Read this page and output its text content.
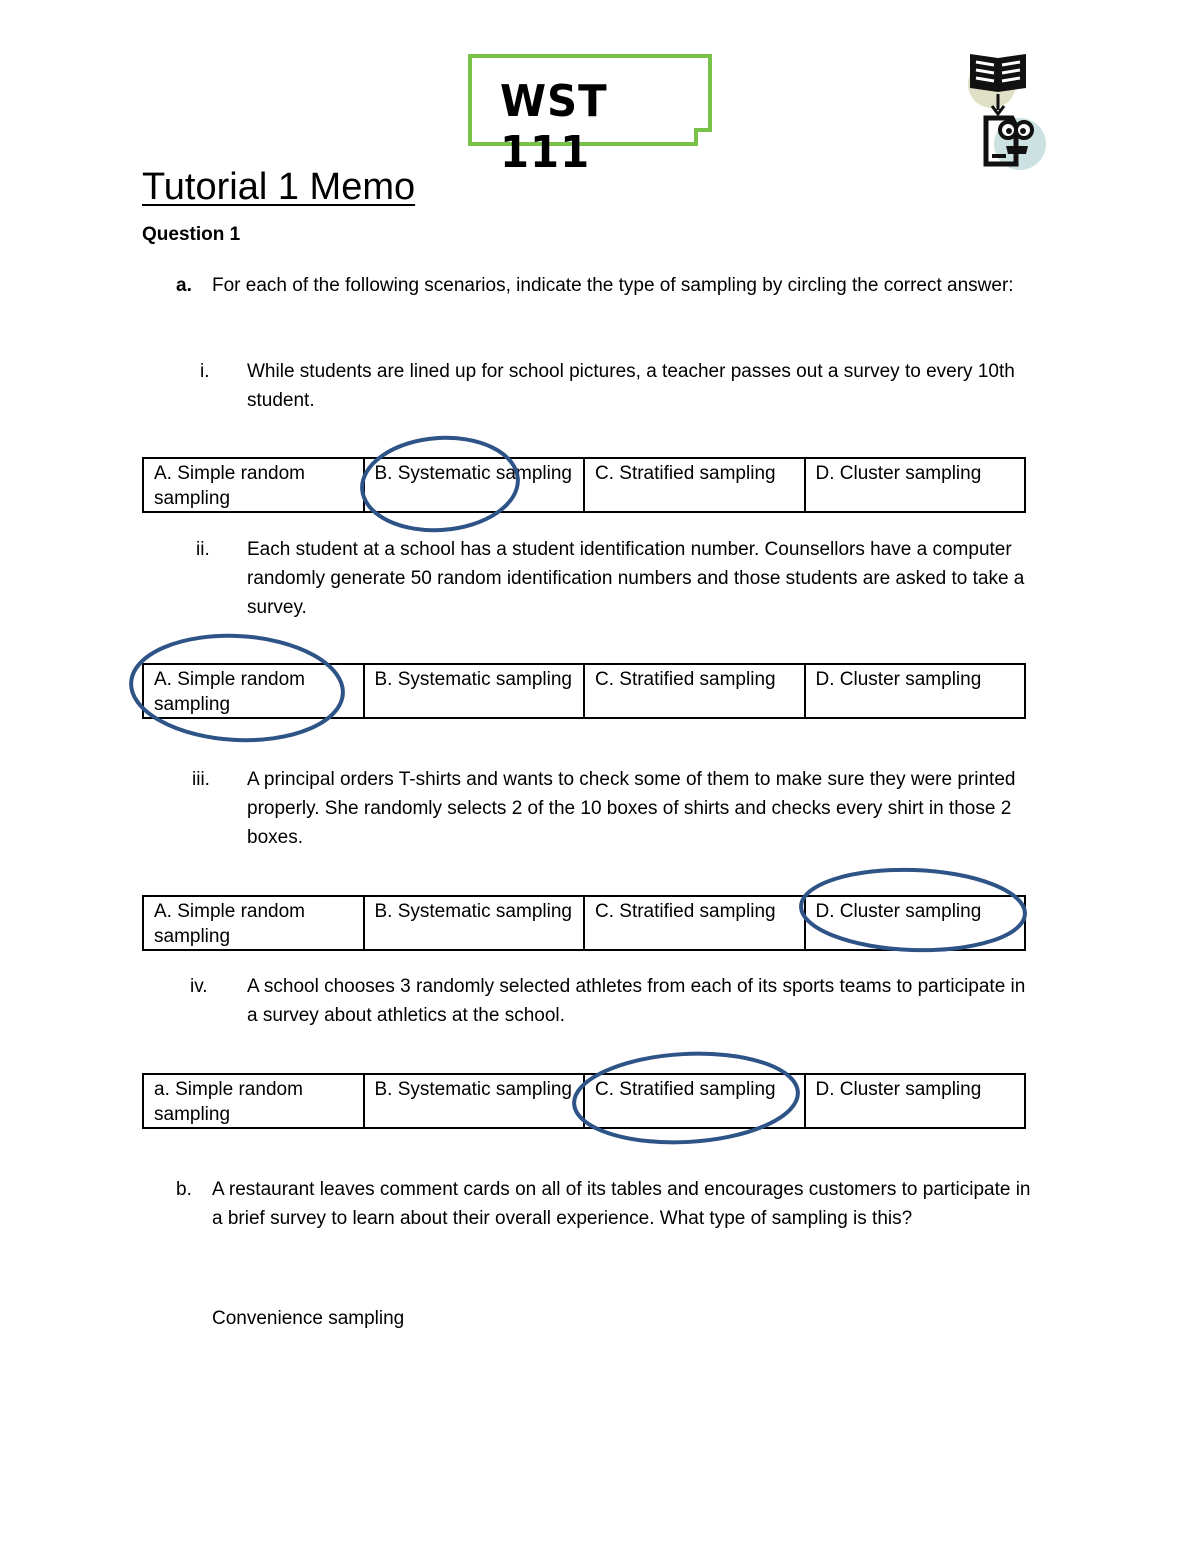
WST 111
Tutorial 1 Memo
Question 1
a. For each of the following scenarios, indicate the type of sampling by circling the correct answer:
i. While students are lined up for school pictures, a teacher passes out a survey to every 10th student.
A. Simple random sampling	B. Systematic sampling	C. Stratified sampling	D. Cluster sampling
ii. Each student at a school has a student identification number. Counsellors have a computer randomly generate 50 random identification numbers and those students are asked to take a survey.
A. Simple random sampling	B. Systematic sampling	C. Stratified sampling	D. Cluster sampling
iii. A principal orders T-shirts and wants to check some of them to make sure they were printed properly. She randomly selects 2 of the 10 boxes of shirts and checks every shirt in those 2 boxes.
A. Simple random sampling	B. Systematic sampling	C. Stratified sampling	D. Cluster sampling
iv. A school chooses 3 randomly selected athletes from each of its sports teams to participate in a survey about athletics at the school.
a. Simple random sampling	B. Systematic sampling	C. Stratified sampling	D. Cluster sampling
b. A restaurant leaves comment cards on all of its tables and encourages customers to participate in a brief survey to learn about their overall experience. What type of sampling is this?
Convenience sampling
